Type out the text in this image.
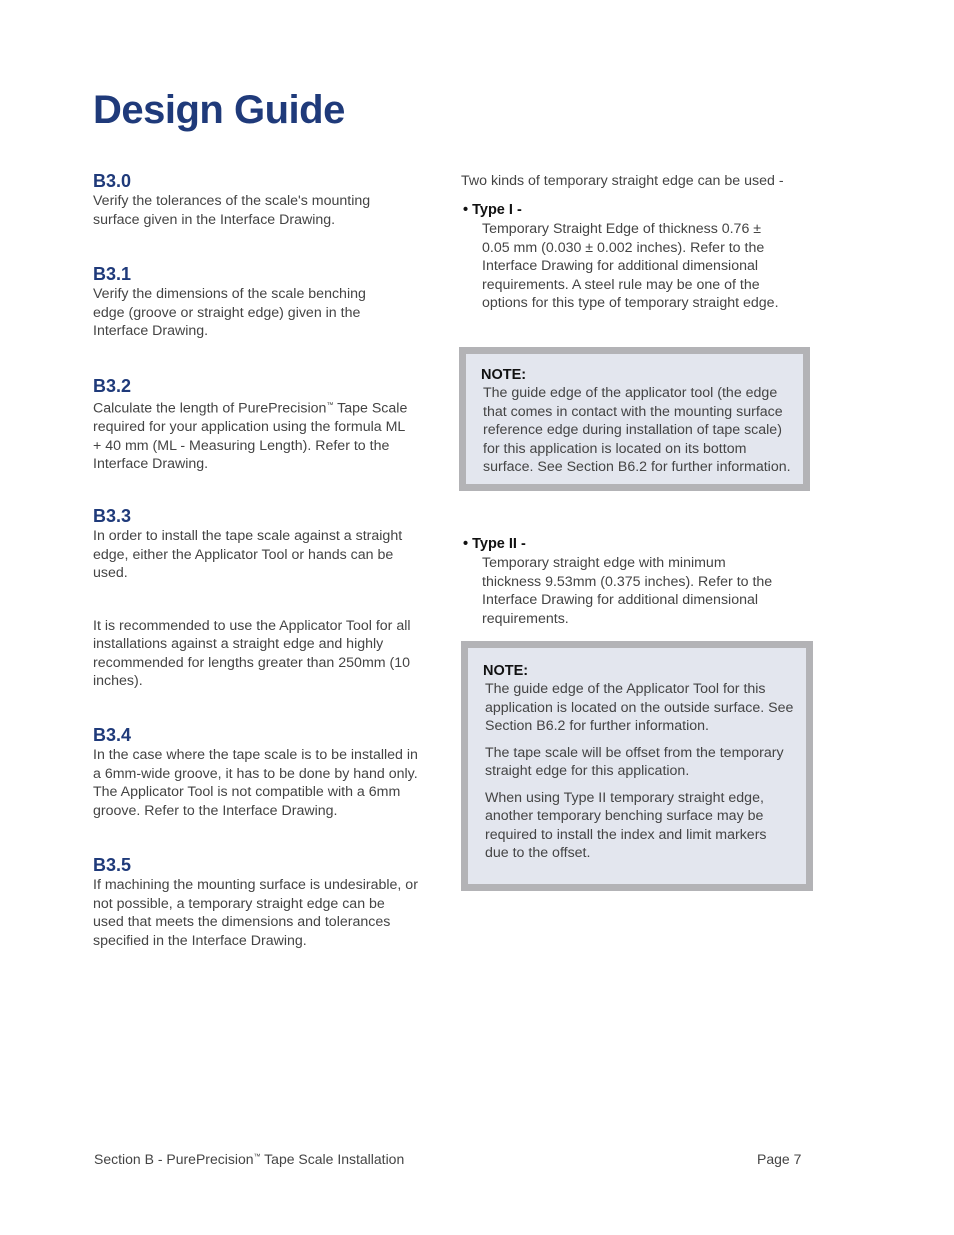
Design Guide

B3.0

Verify the tolerances of the scale's mounting surface given in the Interface Drawing.

B3.1

Verify the dimensions of the scale benching edge (groove or straight edge) given in the Interface Drawing.

B3.2

Calculate the length of PurePrecision™ Tape Scale required for your application using the formula ML + 40 mm (ML - Measuring Length). Refer to the Interface Drawing.

B3.3

In order to install the tape scale against a straight edge, either the Applicator Tool or hands can be used.

It is recommended to use the Applicator Tool for all installations against a straight edge and highly recommended for lengths greater than 250mm (10 inches).

B3.4

In the case where the tape scale is to be installed in a 6mm-wide groove, it has to be done by hand only. The Applicator Tool is not compatible with a 6mm groove. Refer to the Interface Drawing.

B3.5

If machining the mounting surface is undesirable, or not possible, a temporary straight edge can be used that meets the dimensions and tolerances specified in the Interface Drawing.

Two kinds of temporary straight edge can be used -

• Type I -

Temporary Straight Edge of thickness 0.76 ± 0.05 mm (0.030 ± 0.002 inches). Refer to the Interface Drawing for additional dimensional requirements. A steel rule may be one of the options for this type of temporary straight edge.

NOTE:

The guide edge of the applicator tool (the edge that comes in contact with the mounting surface reference edge during installation of tape scale) for this application is located on its bottom surface. See Section B6.2 for further information.

• Type II -

Temporary straight edge with minimum thickness 9.53mm (0.375 inches). Refer to the Interface Drawing for additional dimensional requirements.

NOTE:

The guide edge of the Applicator Tool for this application is located on the outside surface. See Section B6.2 for further information.

The tape scale will be offset from the temporary straight edge for this application.

When using Type II temporary straight edge, another temporary benching surface may be required to install the index and limit markers due to the offset.

Section B - PurePrecision™ Tape Scale Installation	Page 7
